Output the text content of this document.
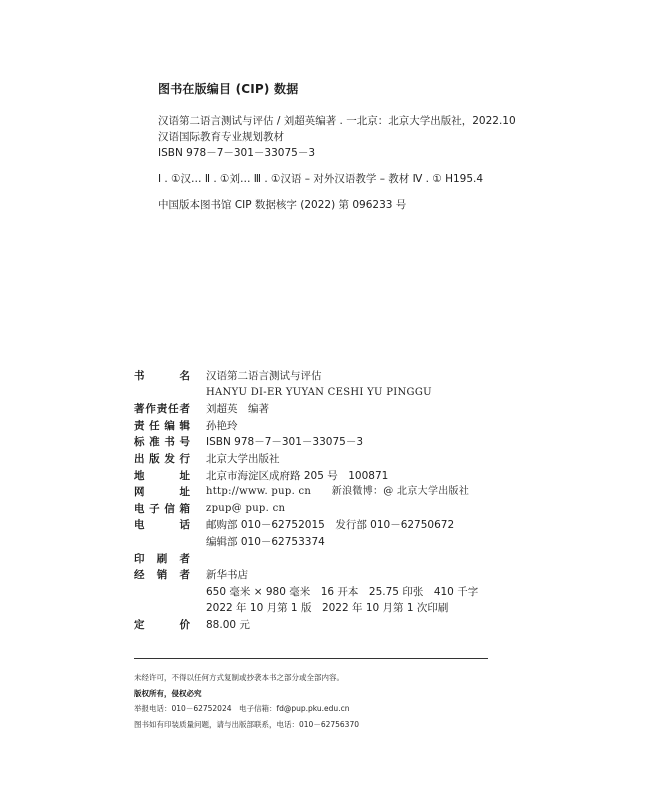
图书在版编目 (CIP) 数据
汉语第二语言测试与评估 / 刘超英编著 . 一北京：北京大学出版社，2022.10
汉语国际教育专业规划教材
ISBN 978－7－301－33075－3
Ⅰ . ①汉… Ⅱ . ①刘… Ⅲ . ①汉语 – 对外汉语教学 – 教材 Ⅳ . ① H195.4
中国版本图书馆 CIP 数据核字 (2022) 第 096233 号
书　　名 汉语第二语言测试与评估
HANYU DI-ER YUYAN CESHI YU PINGGU
著作责任者 刘超英　编著
责任编辑 孙艳玲
标准书号 ISBN 978－7－301－33075－3
出版发行 北京大学出版社
地　　址 北京市海淀区成府路 205 号　100871
网　　址 http://www. pup. cn　　新浪微博：@ 北京大学出版社
电子信箱 zpup@ pup. cn
电　　话 邮购部 010－62752015　发行部 010－62750672
编辑部 010－62753374
印 刷 者
经 销 者 新华书店
650 毫米 × 980 毫米　16 开本　25.75 印张　410 千字
2022 年 10 月第 1 版　2022 年 10 月第 1 次印刷
定　　价 88.00 元
未经许可，不得以任何方式复制或抄袭本书之部分或全部内容。
版权所有，侵权必究
举报电话：010－62752024　电子信箱：fd@pup.pku.edu.cn
图书如有印装质量问题，请与出版部联系，电话：010－62756370
